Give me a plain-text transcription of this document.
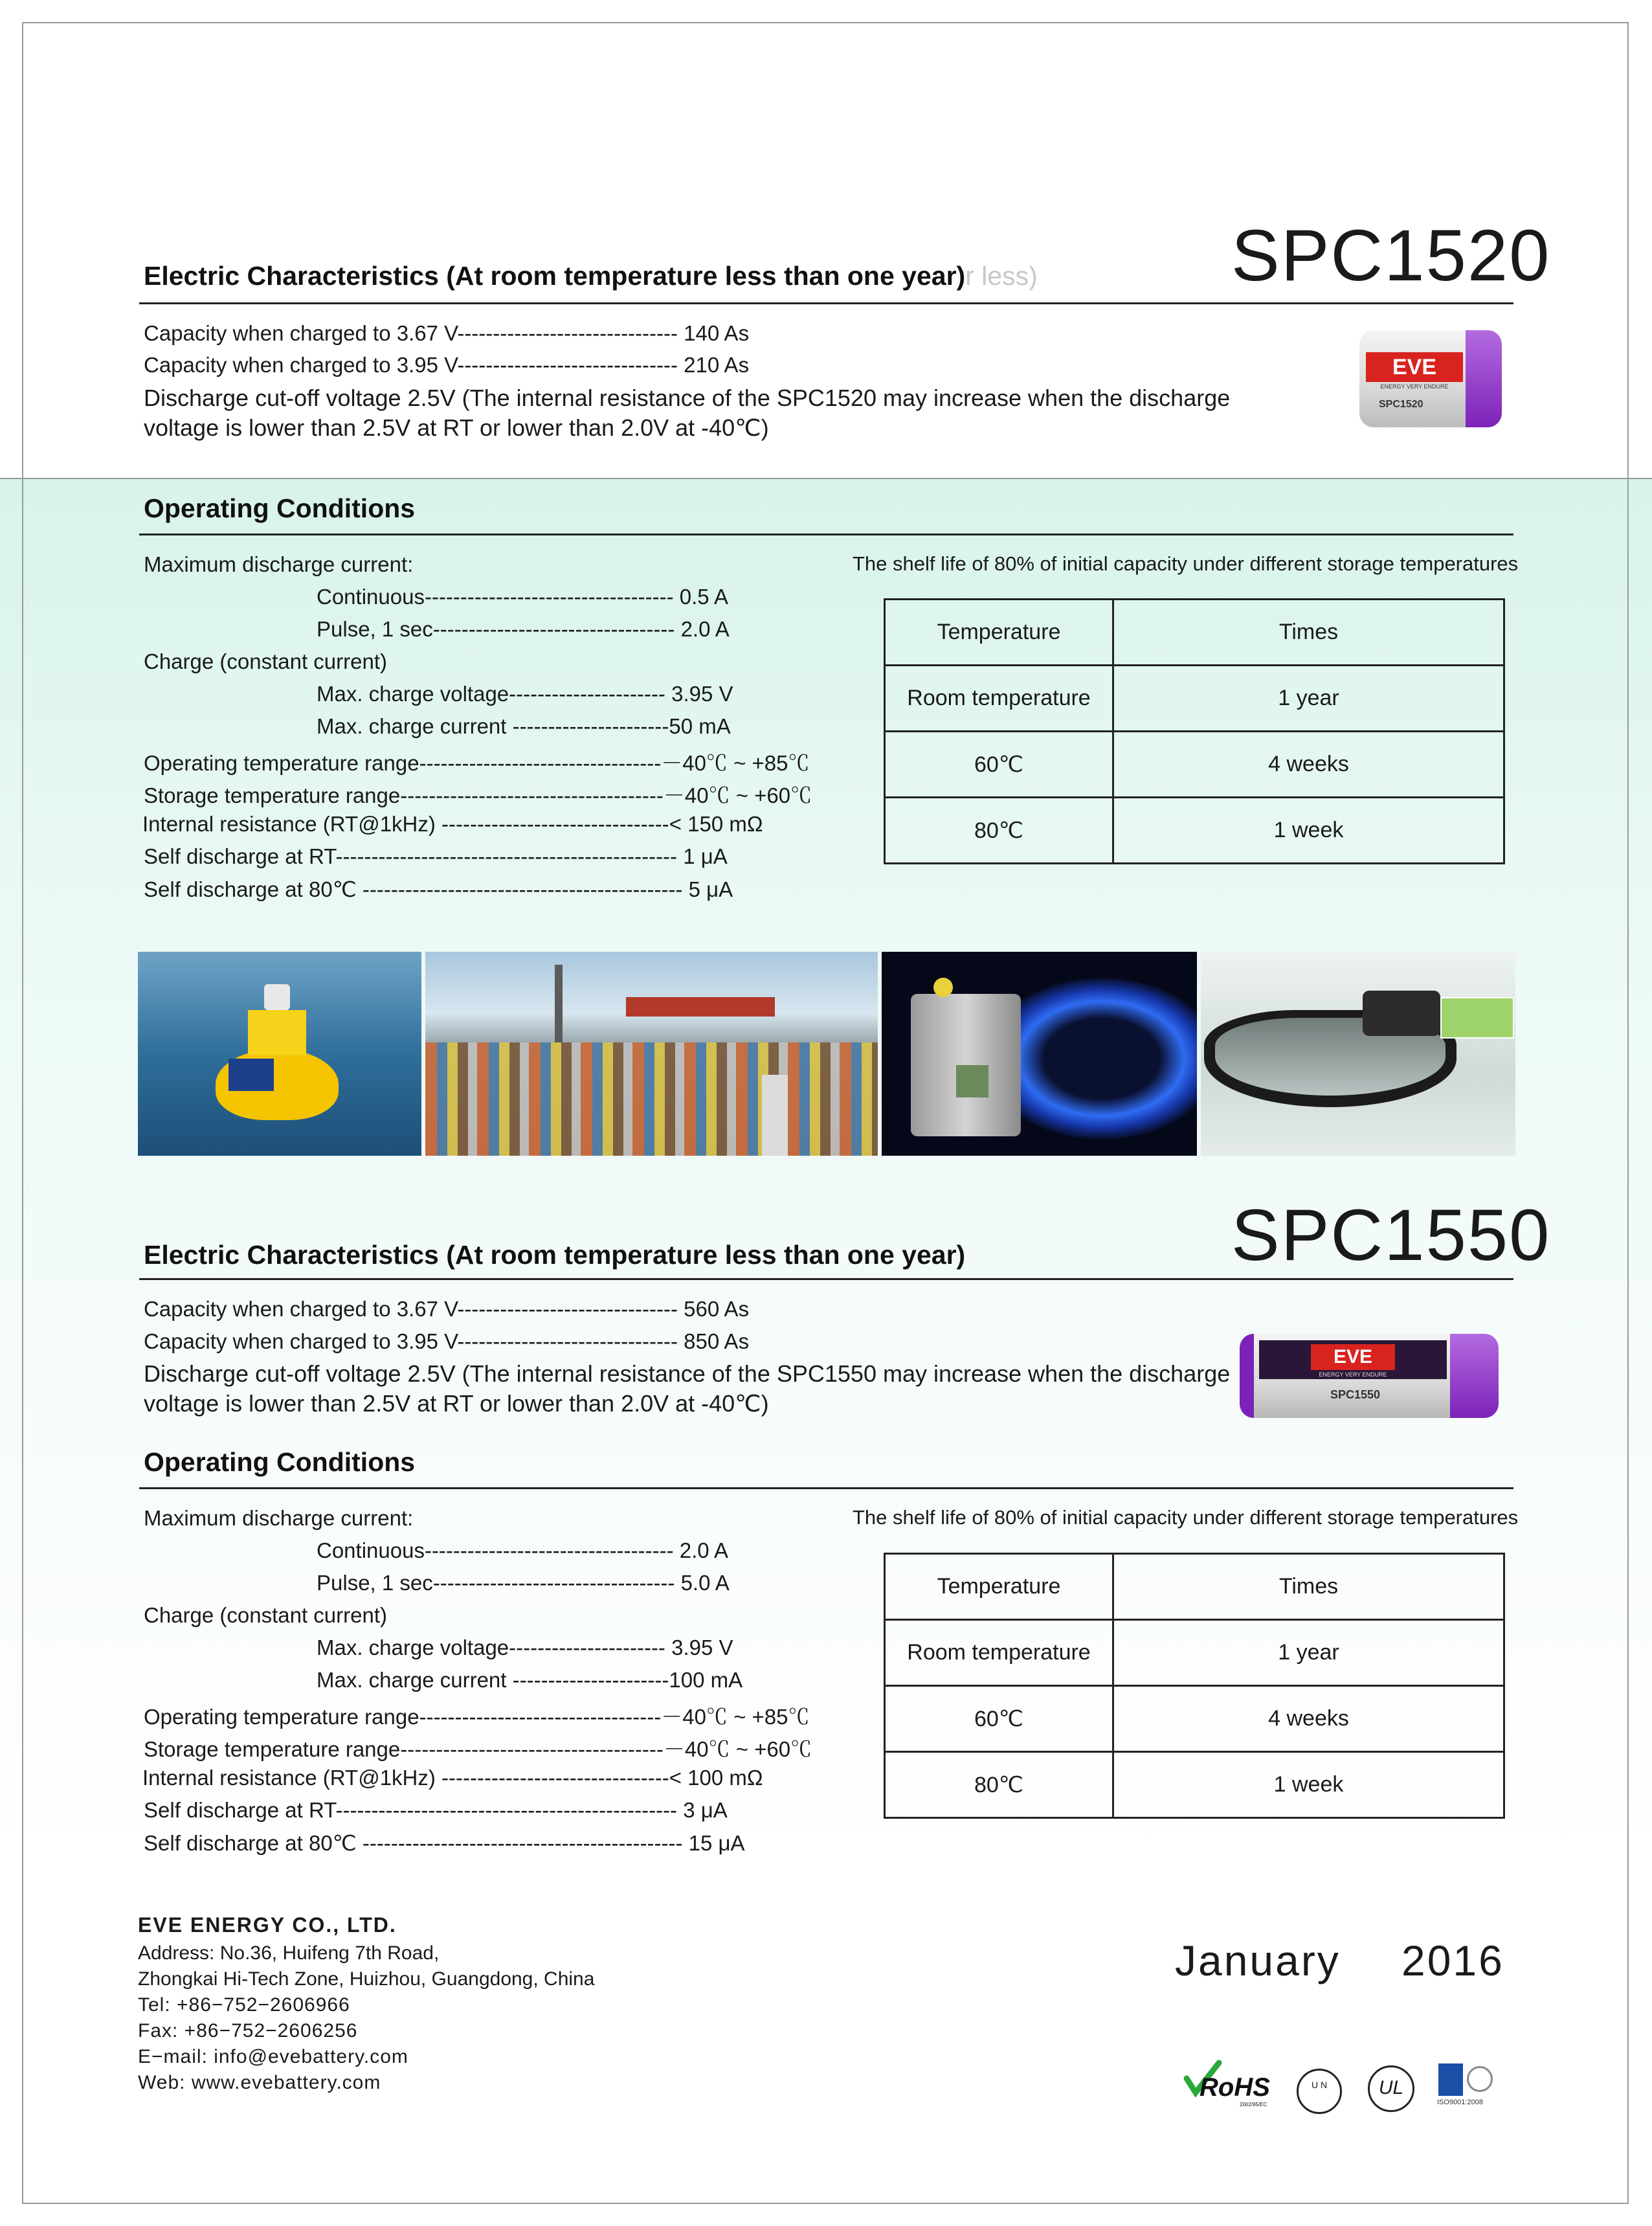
SPC1520
Electric Characteristics (At room temperature less than one year)r less)
Capacity when charged to 3.67 V------------------------------- 140 As
Capacity when charged to 3.95 V------------------------------- 210 As
Discharge cut-off voltage 2.5V (The internal resistance of the SPC1520 may increase when the discharge
voltage is lower than 2.5V at RT or lower than 2.0V at -40℃)
EVE
ENERGY VERY ENDURE
SPC1520
Operating Conditions
Maximum discharge current:
Continuous----------------------------------- 0.5 A
Pulse, 1 sec---------------------------------- 2.0 A
Charge (constant current)
Max. charge voltage---------------------- 3.95 V
Max. charge current ----------------------50 mA
Operating temperature range----------------------------------－40℃ ~ +85℃
Storage temperature range-------------------------------------－40℃ ~ +60℃
Internal resistance (RT@1kHz) --------------------------------< 150 mΩ
Self discharge at RT------------------------------------------------ 1 μA
Self discharge at 80℃ --------------------------------------------- 5 μA
The shelf life of 80% of initial capacity under different storage temperatures
Temperature	Times
Room temperature	1 year
60℃	4 weeks
80℃	1 week
SPC1550
Electric Characteristics (At room temperature less than one year)
Capacity when charged to 3.67 V------------------------------- 560 As
Capacity when charged to 3.95 V------------------------------- 850 As
Discharge cut-off voltage 2.5V (The internal resistance of the SPC1550 may increase when the discharge
voltage is lower than 2.5V at RT or lower than 2.0V at -40℃)
EVE
ENERGY VERY ENDURE
SPC1550
Operating Conditions
Maximum discharge current:
Continuous----------------------------------- 2.0 A
Pulse, 1 sec---------------------------------- 5.0 A
Charge (constant current)
Max. charge voltage---------------------- 3.95 V
Max. charge current ----------------------100 mA
Operating temperature range----------------------------------－40℃ ~ +85℃
Storage temperature range-------------------------------------－40℃ ~ +60℃
Internal resistance (RT@1kHz) --------------------------------< 100 mΩ
Self discharge at RT------------------------------------------------ 3 μA
Self discharge at 80℃ --------------------------------------------- 15 μA
The shelf life of 80% of initial capacity under different storage temperatures
Temperature	Times
Room temperature	1 year
60℃	4 weeks
80℃	1 week
EVE ENERGY CO., LTD.
Address: No.36, Huifeng 7th Road,
Zhongkai Hi-Tech Zone, Huizhou, Guangdong, China
Tel: +86−752−2606966
Fax: +86−752−2606256
E−mail: info@evebattery.com
Web: www.evebattery.com
January 2016
RoHS
2002/95/EC
U N	UL
ISO9001:2008
